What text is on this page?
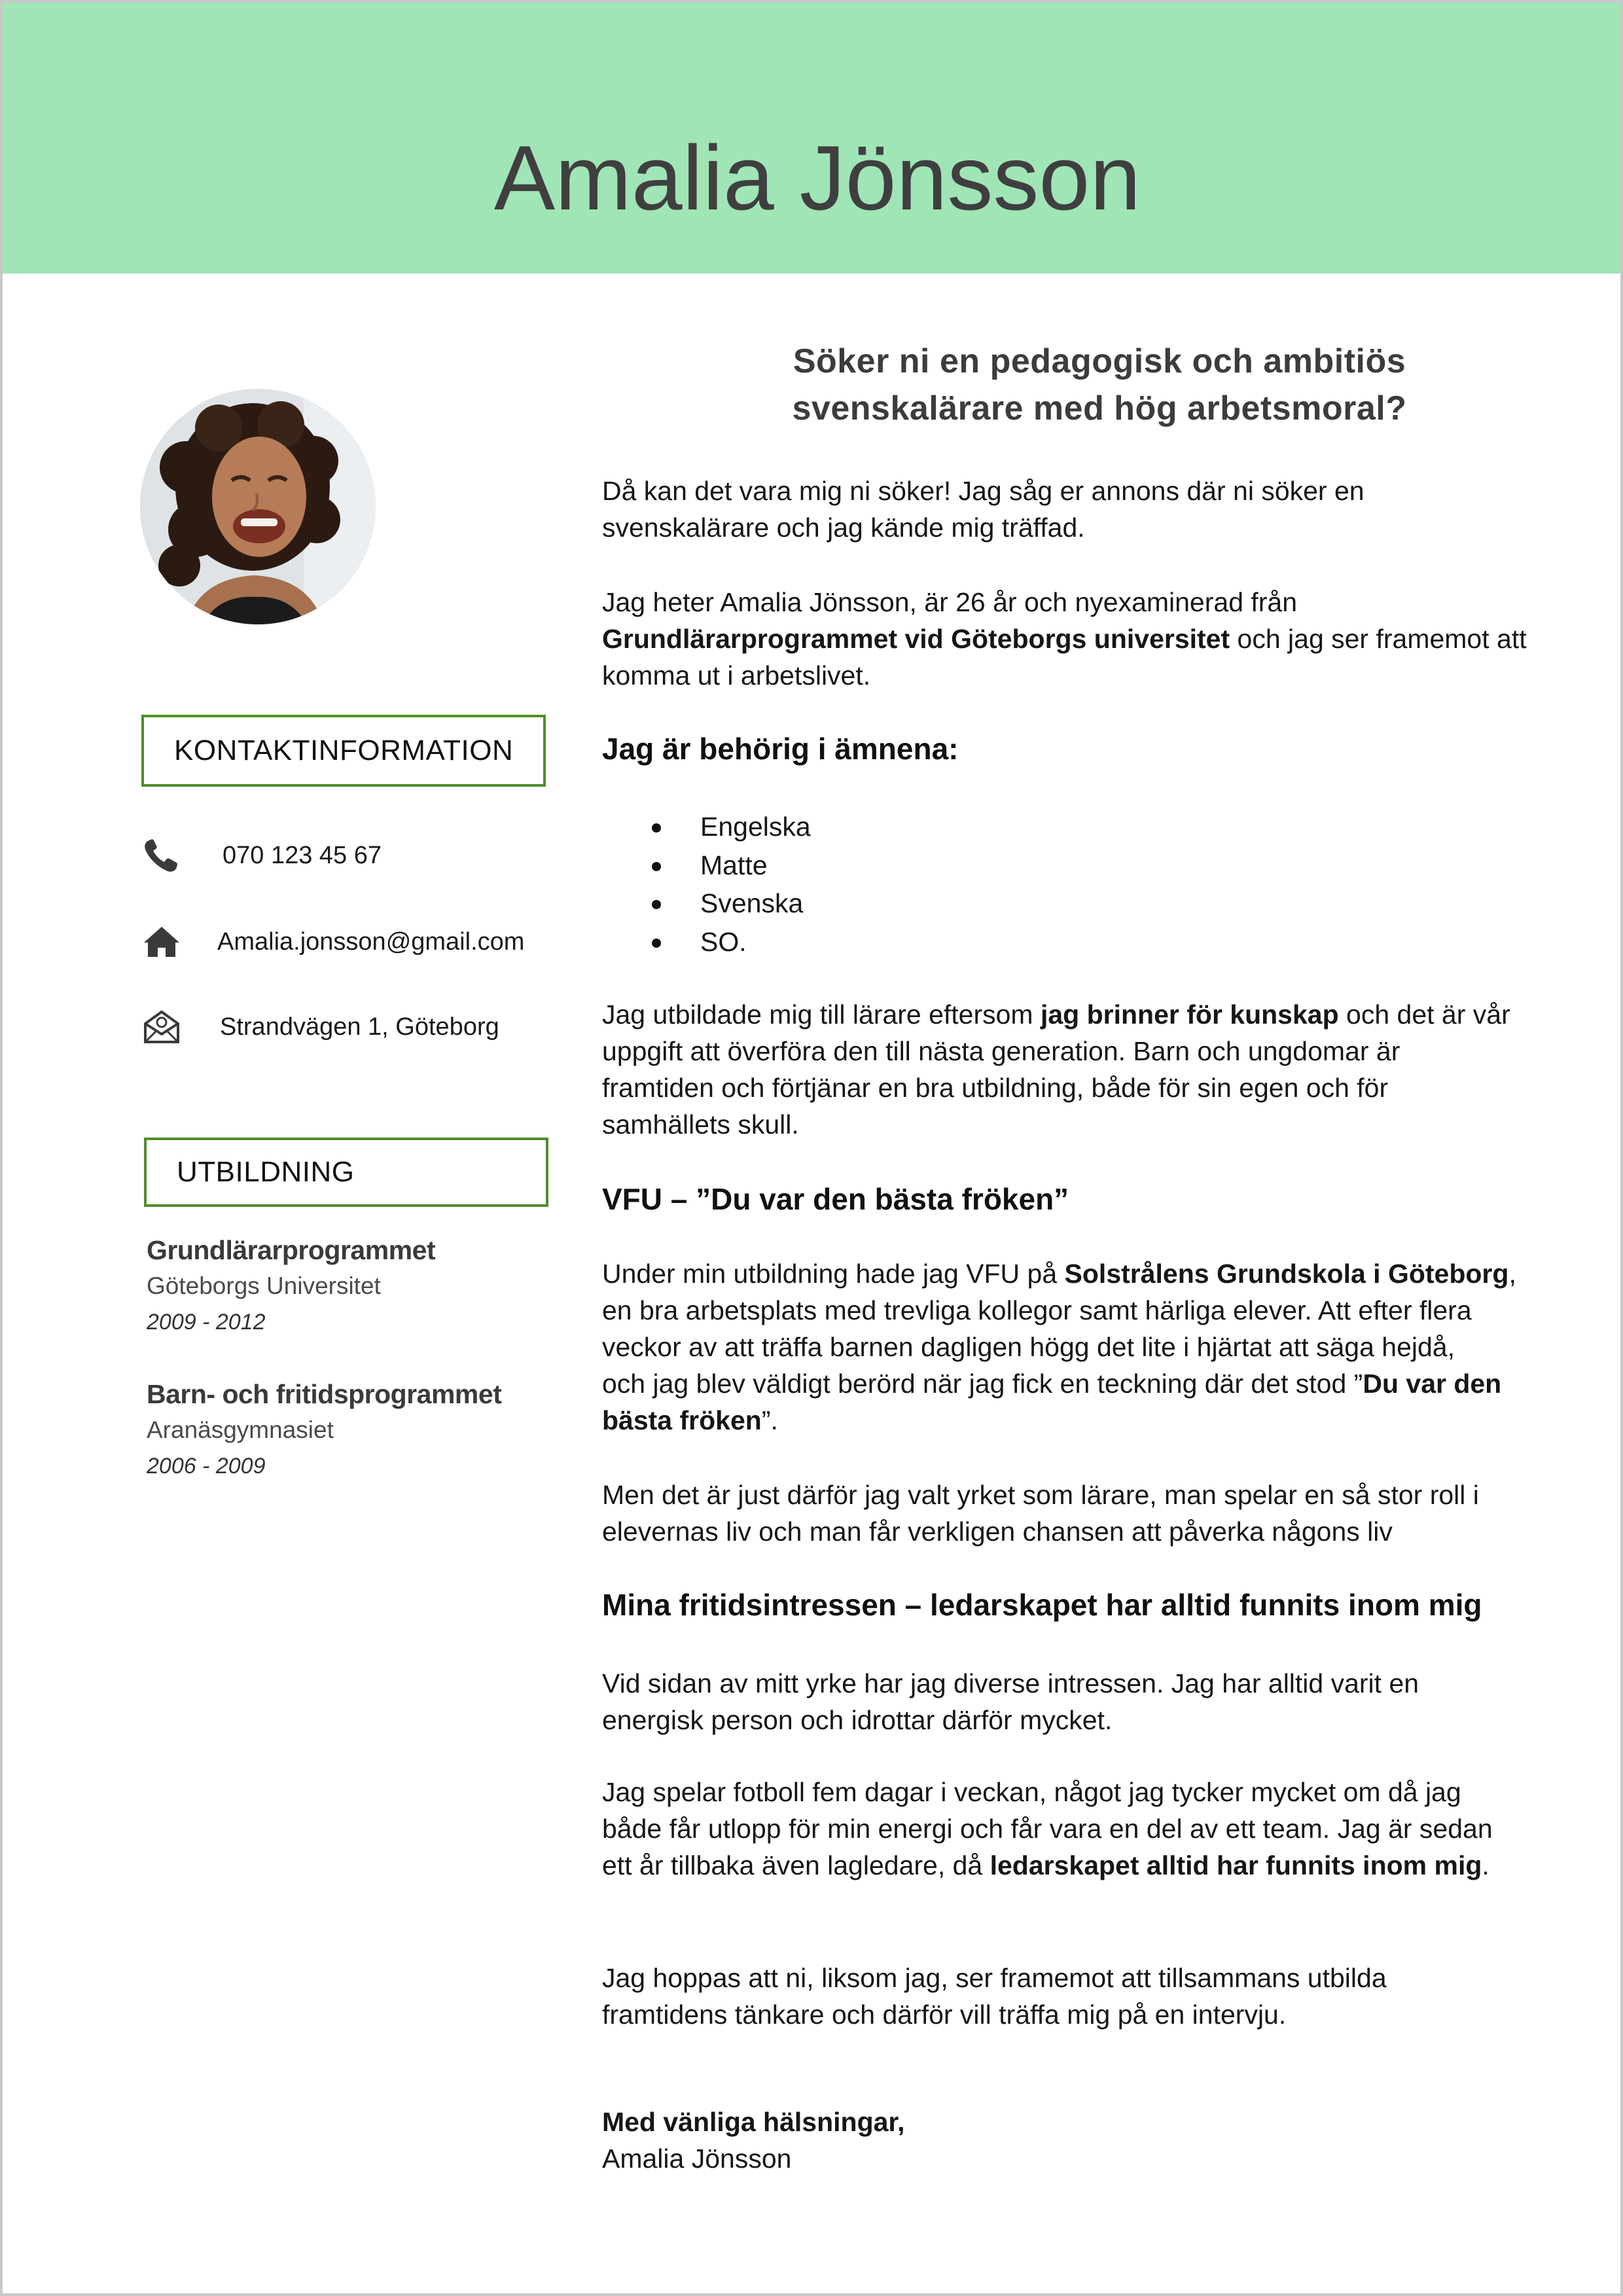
Amalia Jönsson
KONTAKTINFORMATION
070 123 45 67
Amalia.jonsson@gmail.com
Strandvägen 1, Göteborg
UTBILDNING
Grundlärarprogrammet
Göteborgs Universitet
2009 - 2012
Barn- och fritidsprogrammet
Aranäsgymnasiet
2006 - 2009
Söker ni en pedagogisk och ambitiös
svenskalärare med hög arbetsmoral?
Då kan det vara mig ni söker! Jag såg er annons där ni söker en
svenskalärare och jag kände mig träffad.
Jag heter Amalia Jönsson, är 26 år och nyexaminerad från
Grundlärarprogrammet vid Göteborgs universitet och jag ser framemot att
komma ut i arbetslivet.
Jag är behörig i ämnena:
Engelska
Matte
Svenska
SO.
Jag utbildade mig till lärare eftersom jag brinner för kunskap och det är vår
uppgift att överföra den till nästa generation. Barn och ungdomar är
framtiden och förtjänar en bra utbildning, både för sin egen och för
samhällets skull.
VFU – ”Du var den bästa fröken”
Under min utbildning hade jag VFU på Solstrålens Grundskola i Göteborg,
en bra arbetsplats med trevliga kollegor samt härliga elever. Att efter flera
veckor av att träffa barnen dagligen högg det lite i hjärtat att säga hejdå,
och jag blev väldigt berörd när jag fick en teckning där det stod ”Du var den
bästa fröken”.
Men det är just därför jag valt yrket som lärare, man spelar en så stor roll i
elevernas liv och man får verkligen chansen att påverka någons liv
Mina fritidsintressen – ledarskapet har alltid funnits inom mig
Vid sidan av mitt yrke har jag diverse intressen. Jag har alltid varit en
energisk person och idrottar därför mycket.
Jag spelar fotboll fem dagar i veckan, något jag tycker mycket om då jag
både får utlopp för min energi och får vara en del av ett team. Jag är sedan
ett år tillbaka även lagledare, då ledarskapet alltid har funnits inom mig.
Jag hoppas att ni, liksom jag, ser framemot att tillsammans utbilda
framtidens tänkare och därför vill träffa mig på en intervju.
Med vänliga hälsningar,
Amalia Jönsson
